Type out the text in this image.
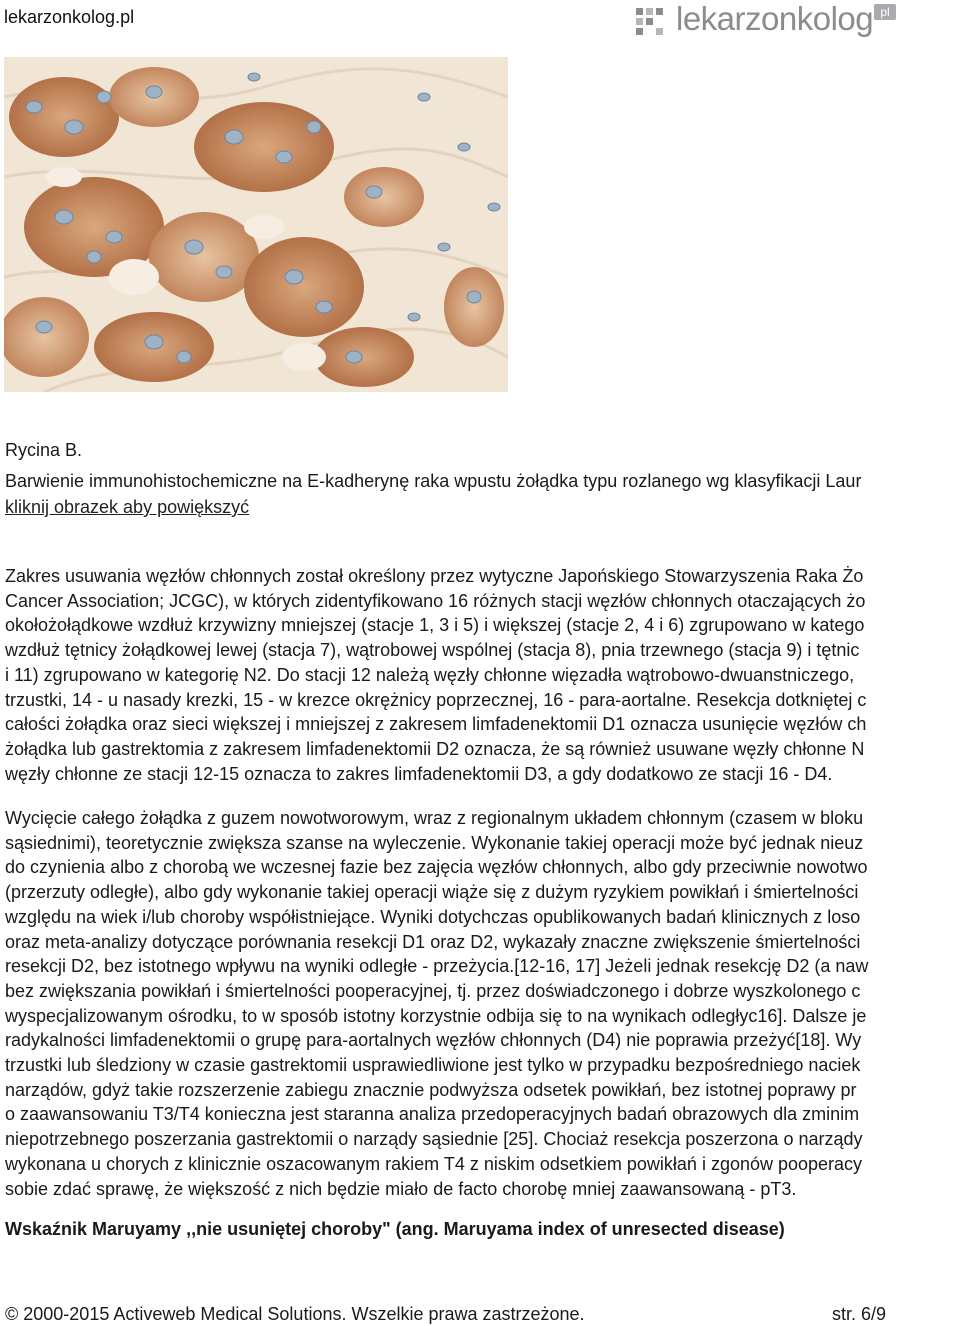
lekarzonkolog.pl	lekarzonkolog pl
Rycina B.
Barwienie immunohistochemiczne na E-kadherynę raka wpustu żołądka typu rozlanego wg klasyfikacji Laur
kliknij obrazek aby powiększyć
Zakres usuwania węzłów chłonnych został określony przez wytyczne Japońskiego Stowarzyszenia Raka Żo
Cancer Association; JCGC), w których zidentyfikowano 16 różnych stacji węzłów chłonnych otaczających żo
okołożołądkowe wzdłuż krzywizny mniejszej (stacje 1, 3 i 5) i większej (stacje 2, 4 i 6) zgrupowano w katego
wzdłuż tętnicy żołądkowej lewej (stacja 7), wątrobowej wspólnej (stacja 8), pnia trzewnego (stacja 9) i tętnic
i 11) zgrupowano w kategorię N2. Do stacji 12 należą węzły chłonne więzadła wątrobowo-dwuanstniczego,
trzustki, 14 - u nasady krezki, 15 - w krezce okrężnicy poprzecznej, 16 - para-aortalne. Resekcja dotkniętej c
całości żołądka oraz sieci większej i mniejszej z zakresem limfadenektomii D1 oznacza usunięcie węzłów ch
żołądka lub gastrektomia z zakresem limfadenektomii D2 oznacza, że są również usuwane węzły chłonne N
węzły chłonne ze stacji 12-15 oznacza to zakres limfadenektomii D3, a gdy dodatkowo ze stacji 16 - D4.
Wycięcie całego żołądka z guzem nowotworowym, wraz z regionalnym układem chłonnym (czasem w bloku
sąsiednimi), teoretycznie zwiększa szanse na wyleczenie. Wykonanie takiej operacji może być jednak nieuz
do czynienia albo z chorobą we wczesnej fazie bez zajęcia węzłów chłonnych, albo gdy przeciwnie nowotwo
(przerzuty odległe), albo gdy wykonanie takiej operacji wiąże się z dużym ryzykiem powikłań i śmiertelności
względu na wiek i/lub choroby współistniejące. Wyniki dotychczas opublikowanych badań klinicznych z loso
oraz meta-analizy dotyczące porównania resekcji D1 oraz D2, wykazały znaczne zwiększenie śmiertelności
resekcji D2, bez istotnego wpływu na wyniki odległe - przeżycia.[12-16, 17] Jeżeli jednak resekcję D2 (a naw
bez zwiększania powikłań i śmiertelności pooperacyjnej, tj. przez doświadczonego i dobrze wyszkolonego c
wyspecjalizowanym ośrodku, to w sposób istotny korzystnie odbija się to na wynikach odległyc16]. Dalsze je
radykalności limfadenektomii o grupę para-aortalnych węzłów chłonnych (D4) nie poprawia przeżyć[18]. Wy
trzustki lub śledziony w czasie gastrektomii usprawiedliwione jest tylko w przypadku bezpośredniego naciek
narządów, gdyż takie rozszerzenie zabiegu znacznie podwyższa odsetek powikłań, bez istotnej poprawy pr
o zaawansowaniu T3/T4 konieczna jest staranna analiza przedoperacyjnych badań obrazowych dla zminim
niepotrzebnego poszerzania gastrektomii o narządy sąsiednie [25]. Chociaż resekcja poszerzona o narządy
wykonana u chorych z klinicznie oszacowanym rakiem T4 z niskim odsetkiem powikłań i zgonów pooperacy
sobie zdać sprawę, że większość z nich będzie miało de facto chorobę mniej zaawansowaną - pT3.
Wskaźnik Maruyamy ,,nie usuniętej choroby" (ang. Maruyama index of unresected disease)
© 2000-2015 Activeweb Medical Solutions. Wszelkie prawa zastrzeżone.	str. 6/9
